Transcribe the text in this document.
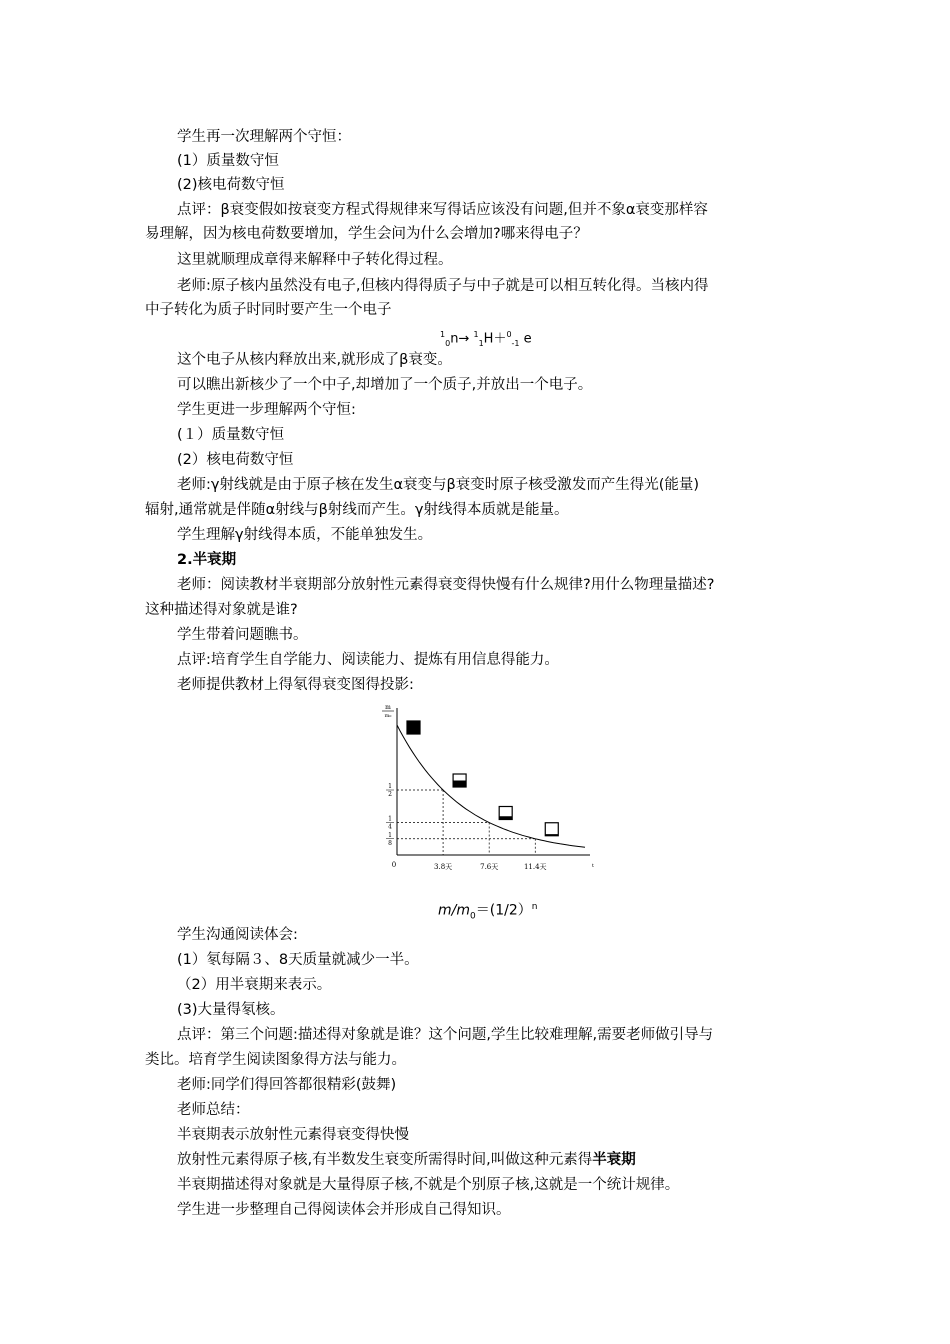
学生再一次理解两个守恒：
(1）质量数守恒
(2)核电荷数守恒
点评：β衰变假如按衰变方程式得规律来写得话应该没有问题,但并不象α衰变那样容
易理解，因为核电荷数要增加，学生会问为什么会增加?哪来得电子？
这里就顺理成章得来解释中子转化得过程。
老师:原子核内虽然没有电子,但核内得得质子与中子就是可以相互转化得。当核内得
中子转化为质子时同时要产生一个电子
$^1_0$n→ $^1_1$H＋$^0_{-1}$ e
这个电子从核内释放出来,就形成了β衰变。
可以瞧出新核少了一个中子,却增加了一个质子,并放出一个电子。
学生更进一步理解两个守恒:
(１）质量数守恒
(2）核电荷数守恒
老师:γ射线就是由于原子核在发生α衰变与β衰变时原子核受激发而产生得光(能量)
辐射,通常就是伴随α射线与β射线而产生。γ射线得本质就是能量。
学生理解γ射线得本质，不能单独发生。
2.半衰期
老师：阅读教材半衰期部分放射性元素得衰变得快慢有什么规律?用什么物理量描述?
这种描述得对象就是谁?
学生带着问题瞧书。
点评:培育学生自学能力、阅读能力、提炼有用信息得能力。
老师提供教材上得氡得衰变图得投影:
m
m₀
0	t
3.8天
1
2
7.6天
1
4
11.4天
1
8
$m/m_0=(1/2)^n$
学生沟通阅读体会:
(1）氡每隔３、8天质量就减少一半。
（2）用半衰期来表示。
(3)大量得氡核。
点评：第三个问题:描述得对象就是谁？这个问题,学生比较难理解,需要老师做引导与
类比。培育学生阅读图象得方法与能力。
老师:同学们得回答都很精彩(鼓舞)
老师总结：
半衰期表示放射性元素得衰变得快慢
放射性元素得原子核,有半数发生衰变所需得时间,叫做这种元素得半衰期
半衰期描述得对象就是大量得原子核,不就是个别原子核,这就是一个统计规律。
学生进一步整理自己得阅读体会并形成自己得知识。
